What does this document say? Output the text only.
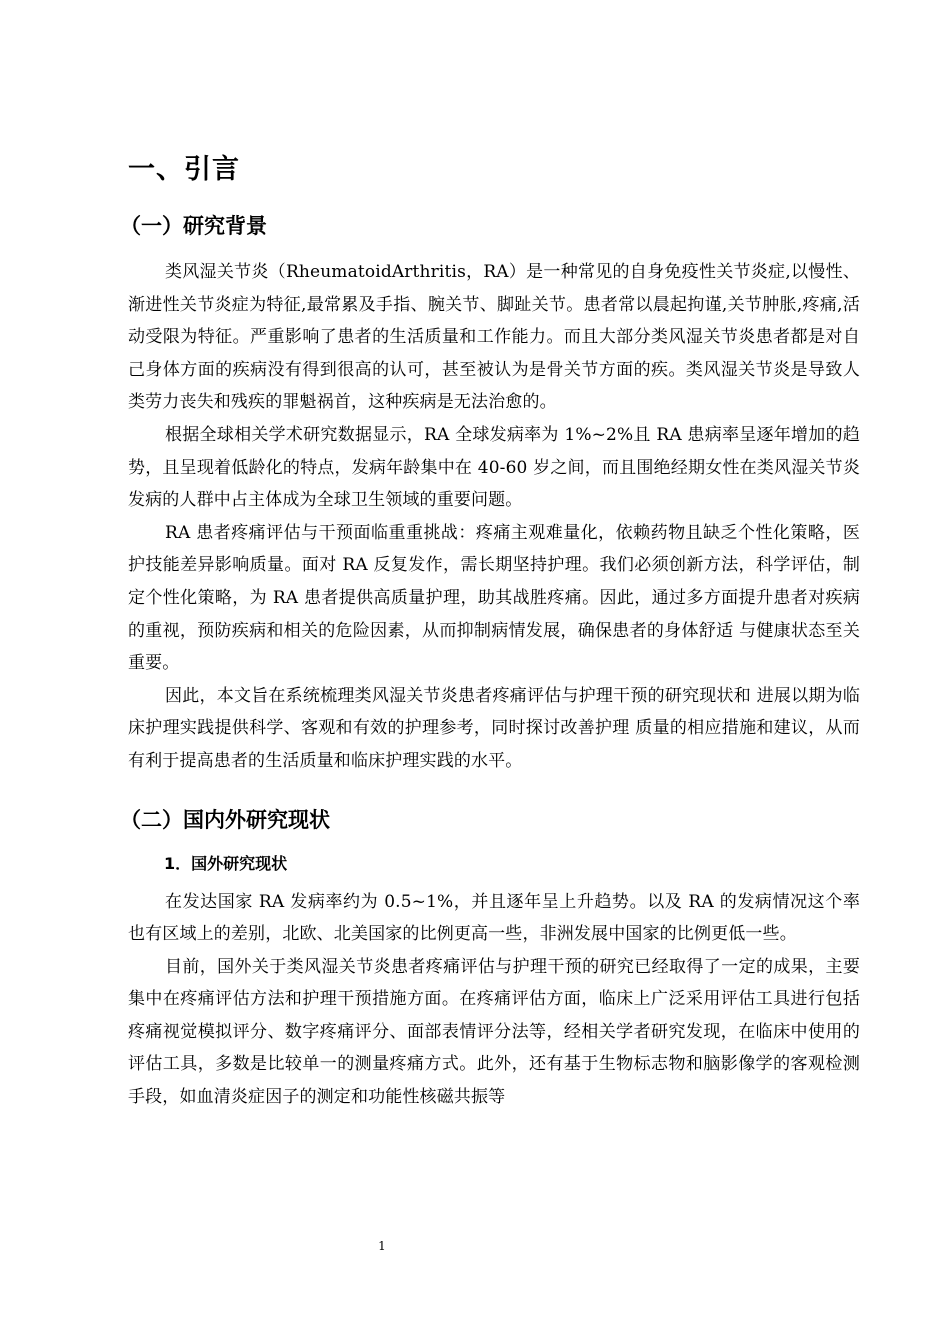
一、引言
（一）研究背景

类风湿关节炎（RheumatoidArthritis，RA）是一种常见的自身免疫性关节炎症,以慢性、渐进性关节炎症为特征,最常累及手指、腕关节、脚趾关节。患者常以晨起拘谨,关节肿胀,疼痛,活动受限为特征。严重影响了患者的生活质量和工作能力。而且大部分类风湿关节炎患者都是对自己身体方面的疾病没有得到很高的认可，甚至被认为是骨关节方面的疾。类风湿关节炎是导致人类劳力丧失和残疾的罪魁祸首，这种疾病是无法治愈的。

根据全球相关学术研究数据显示，RA 全球发病率为 1%~2%且 RA 患病率呈逐年增加的趋势，且呈现着低龄化的特点，发病年龄集中在 40-60 岁之间，而且围绝经期女性在类风湿关节炎发病的人群中占主体成为全球卫生领域的重要问题。

RA 患者疼痛评估与干预面临重重挑战：疼痛主观难量化，依赖药物且缺乏个性化策略，医护技能差异影响质量。面对 RA 反复发作，需长期坚持护理。我们必须创新方法，科学评估，制定个性化策略，为 RA 患者提供高质量护理，助其战胜疼痛。因此，通过多方面提升患者对疾病的重视，预防疾病和相关的危险因素，从而抑制病情发展，确保患者的身体舒适 与健康状态至关重要。

因此，本文旨在系统梳理类风湿关节炎患者疼痛评估与护理干预的研究现状和 进展以期为临床护理实践提供科学、客观和有效的护理参考，同时探讨改善护理 质量的相应措施和建议，从而有利于提高患者的生活质量和临床护理实践的水平。

（二）国内外研究现状
1．国外研究现状

在发达国家 RA 发病率约为 0.5~1%，并且逐年呈上升趋势。以及 RA 的发病情况这个率也有区域上的差别，北欧、北美国家的比例更高一些，非洲发展中国家的比例更低一些。

目前，国外关于类风湿关节炎患者疼痛评估与护理干预的研究已经取得了一定的成果，主要集中在疼痛评估方法和护理干预措施方面。在疼痛评估方面，临床上广泛采用评估工具进行包括疼痛视觉模拟评分、数字疼痛评分、面部表情评分法等，经相关学者研究发现，在临床中使用的评估工具，多数是比较单一的测量疼痛方式。此外，还有基于生物标志物和脑影像学的客观检测手段，如血清炎症因子的测定和功能性核磁共振等

1
